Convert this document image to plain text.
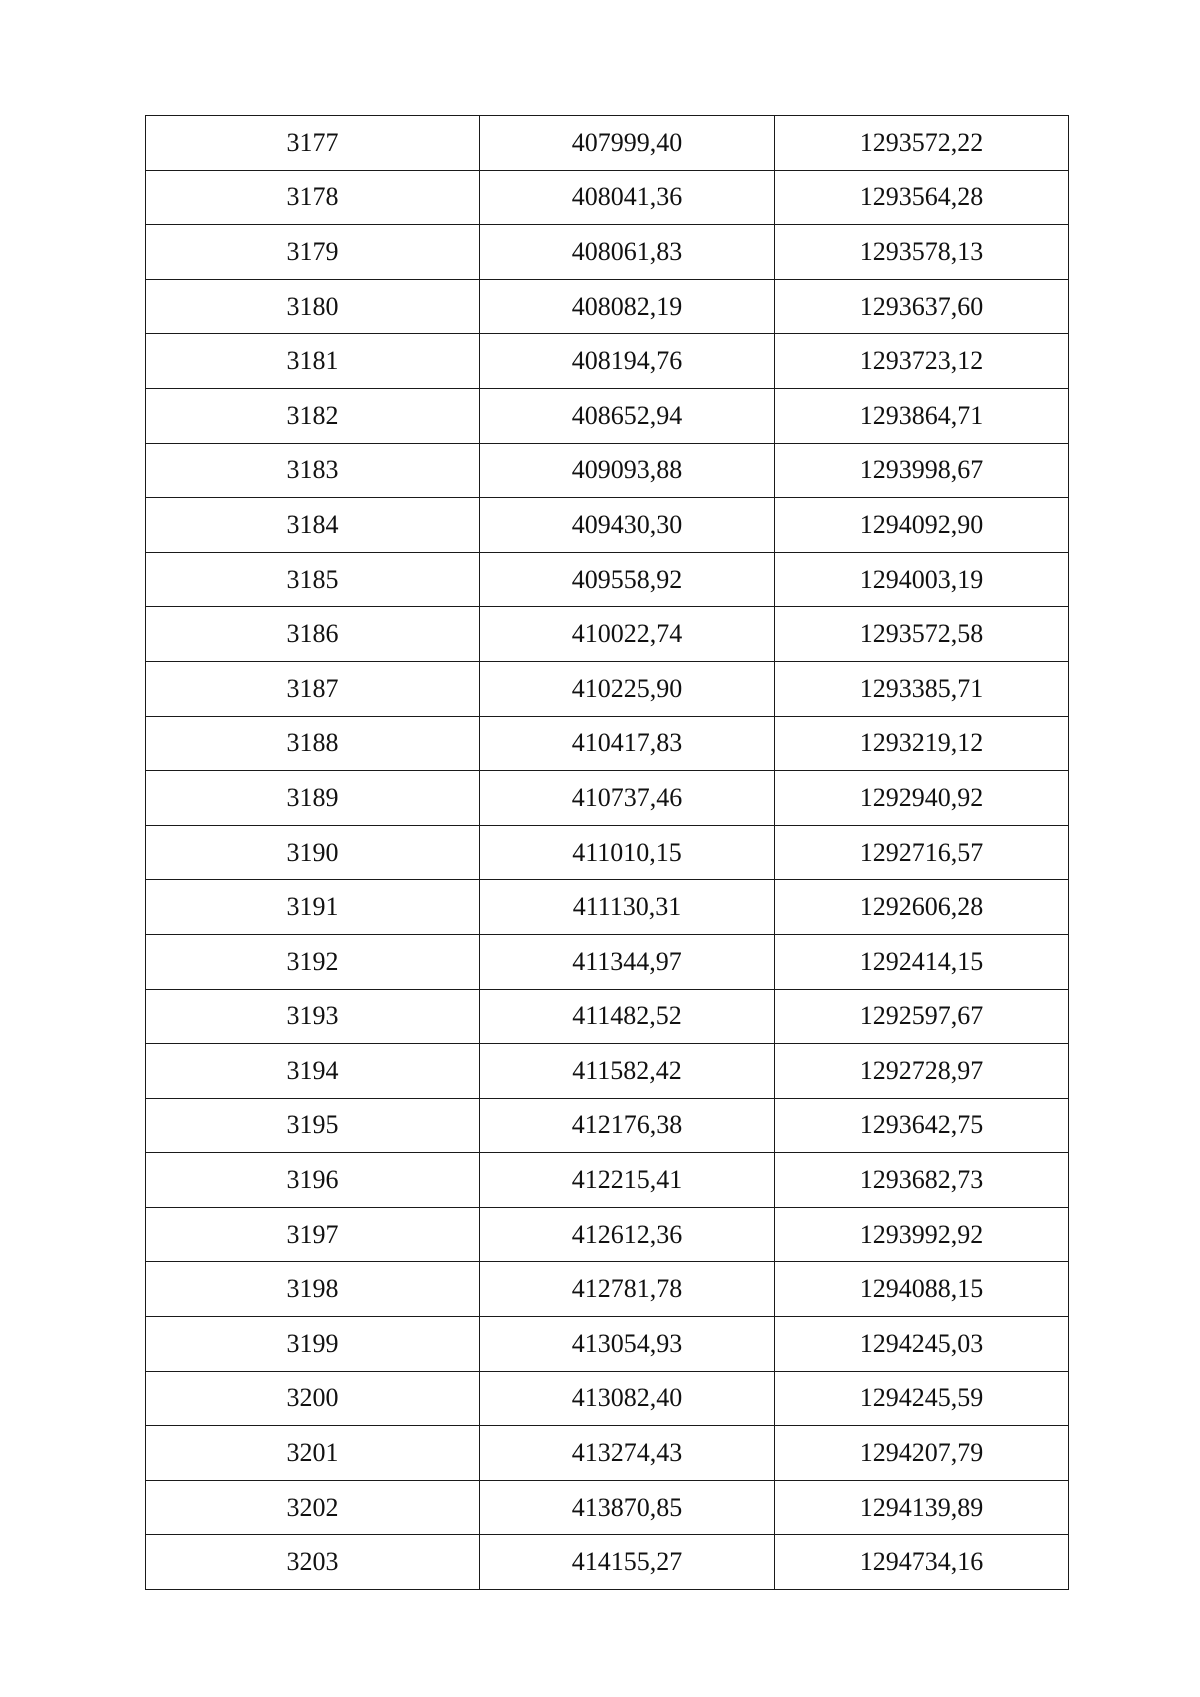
3177	407999,40	1293572,22
3178	408041,36	1293564,28
3179	408061,83	1293578,13
3180	408082,19	1293637,60
3181	408194,76	1293723,12
3182	408652,94	1293864,71
3183	409093,88	1293998,67
3184	409430,30	1294092,90
3185	409558,92	1294003,19
3186	410022,74	1293572,58
3187	410225,90	1293385,71
3188	410417,83	1293219,12
3189	410737,46	1292940,92
3190	411010,15	1292716,57
3191	411130,31	1292606,28
3192	411344,97	1292414,15
3193	411482,52	1292597,67
3194	411582,42	1292728,97
3195	412176,38	1293642,75
3196	412215,41	1293682,73
3197	412612,36	1293992,92
3198	412781,78	1294088,15
3199	413054,93	1294245,03
3200	413082,40	1294245,59
3201	413274,43	1294207,79
3202	413870,85	1294139,89
3203	414155,27	1294734,16
